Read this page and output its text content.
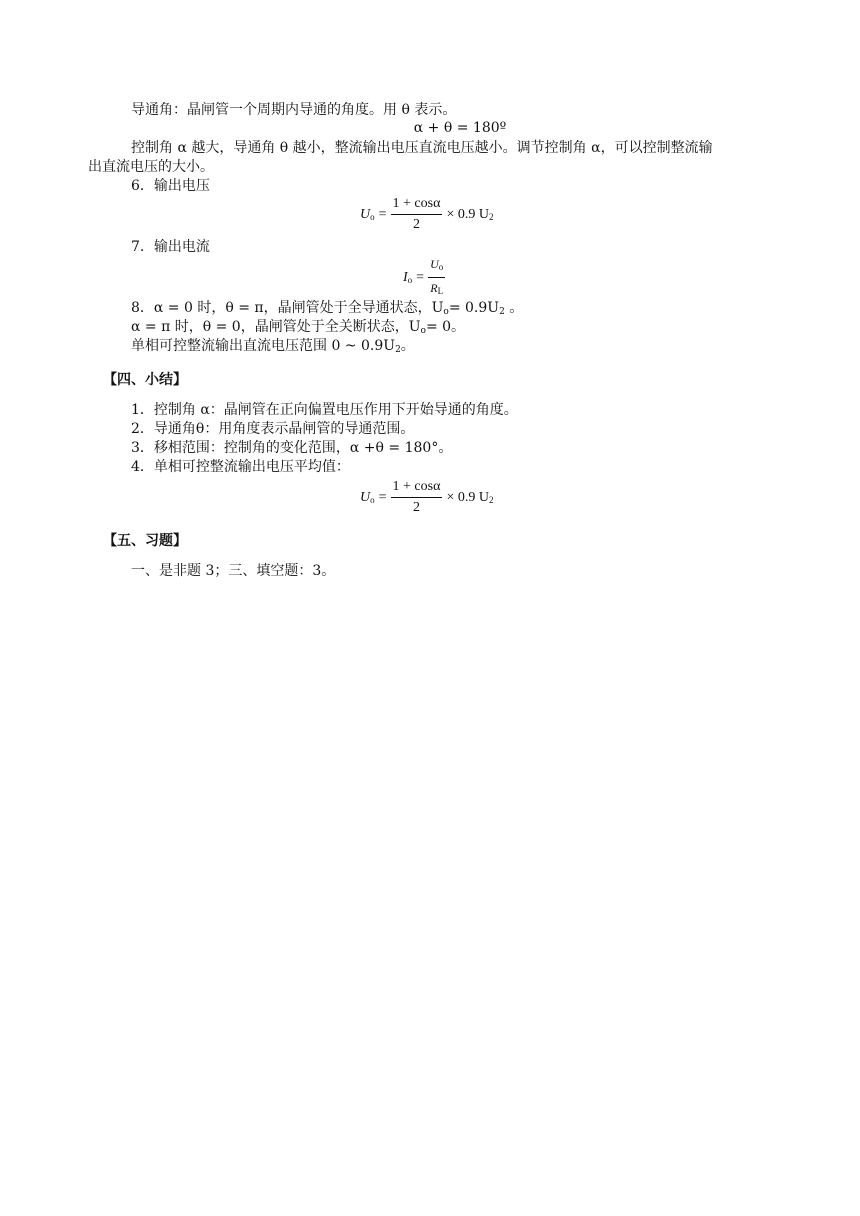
导通角：晶闸管一个周期内导通的角度。用 θ 表示。
α + θ = 180º
控制角 α 越大，导通角 θ 越小，整流输出电压直流电压越小。调节控制角 α，可以控制整流输
出直流电压的大小。
6．输出电压
$U_o = \frac{1 + \cos\alpha}{2} \times 0.9$ $U_2$
7．输出电流
$I_o = \frac{U_o}{R_L}$
8．α = 0 时，θ = π，晶闸管处于全导通状态，$U_o= 0.9U_2$ 。
α = π 时，θ = 0，晶闸管处于全关断状态，$U_o= 0$。
单相可控整流输出直流电压范围 0 ~ $0.9U_2$。
【四、小结】
1．控制角 α：晶闸管在正向偏置电压作用下开始导通的角度。
2．导通角θ：用角度表示晶闸管的导通范围。
3．移相范围：控制角的变化范围，α +θ = 180°。
4．单相可控整流输出电压平均值：
$U_o = \frac{1 + \cos\alpha}{2} \times 0.9$ $U_2$
【五、习题】
一、是非题 3；三、填空题：3。
